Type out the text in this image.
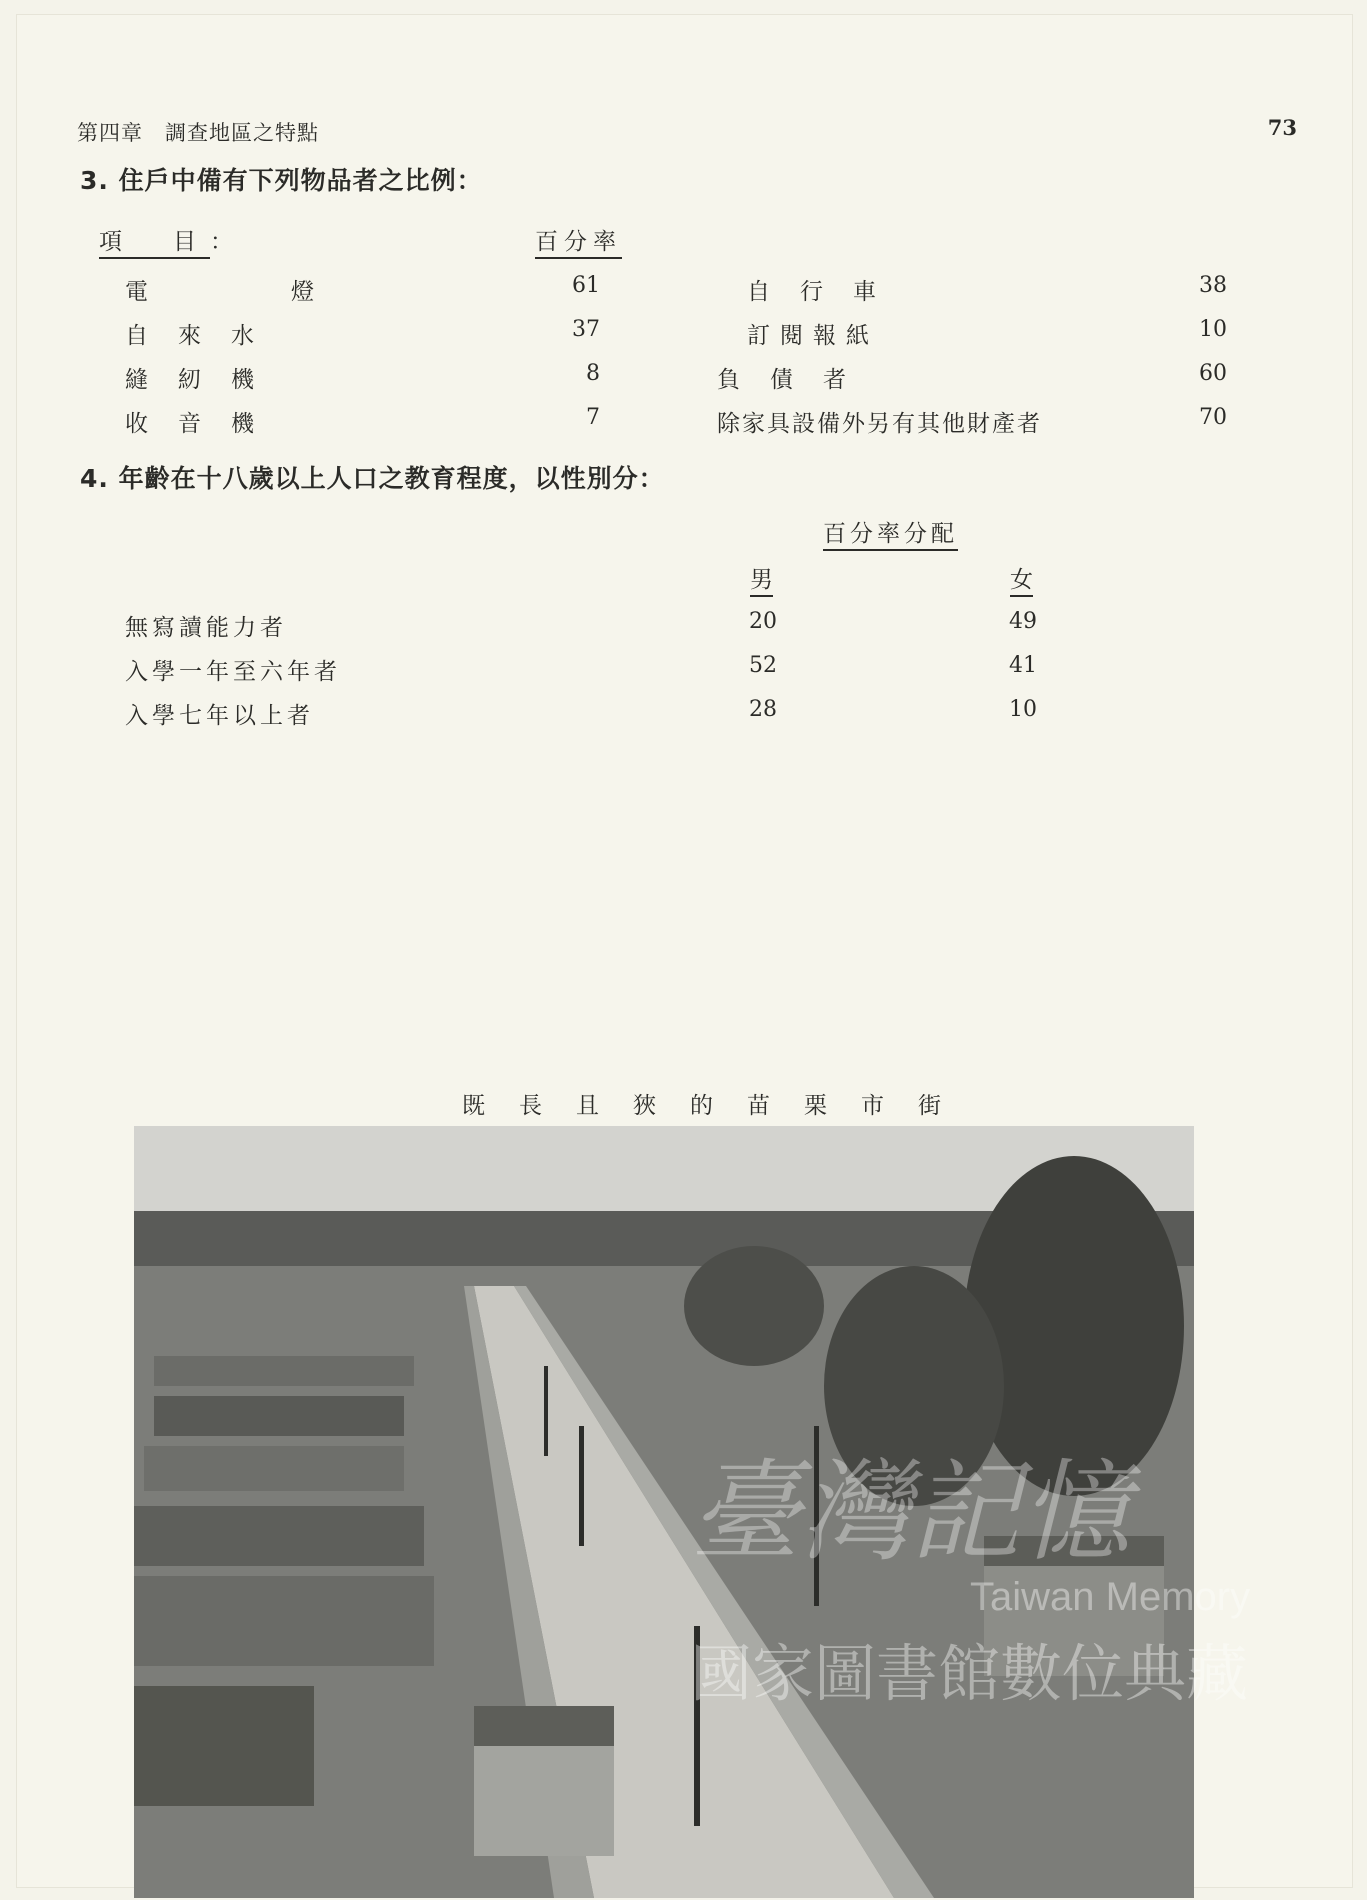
第四章　調查地區之特點	73
3. 住戶中備有下列物品者之比例：
項　目：	百分率
電　燈	61
自來水	37
縫紉機	8
收音機	7
自行車	38
訂閱報紙	10
負債者	60
除家具設備外另有其他財產者	70
4. 年齡在十八歲以上人口之教育程度，以性別分：
百分率分配
男	女
無寫讀能力者	20	49
入學一年至六年者	52	41
入學七年以上者	28	10
既長且狹的苗栗市街
臺灣記憶
Taiwan Memory
國家圖書館數位典藏
